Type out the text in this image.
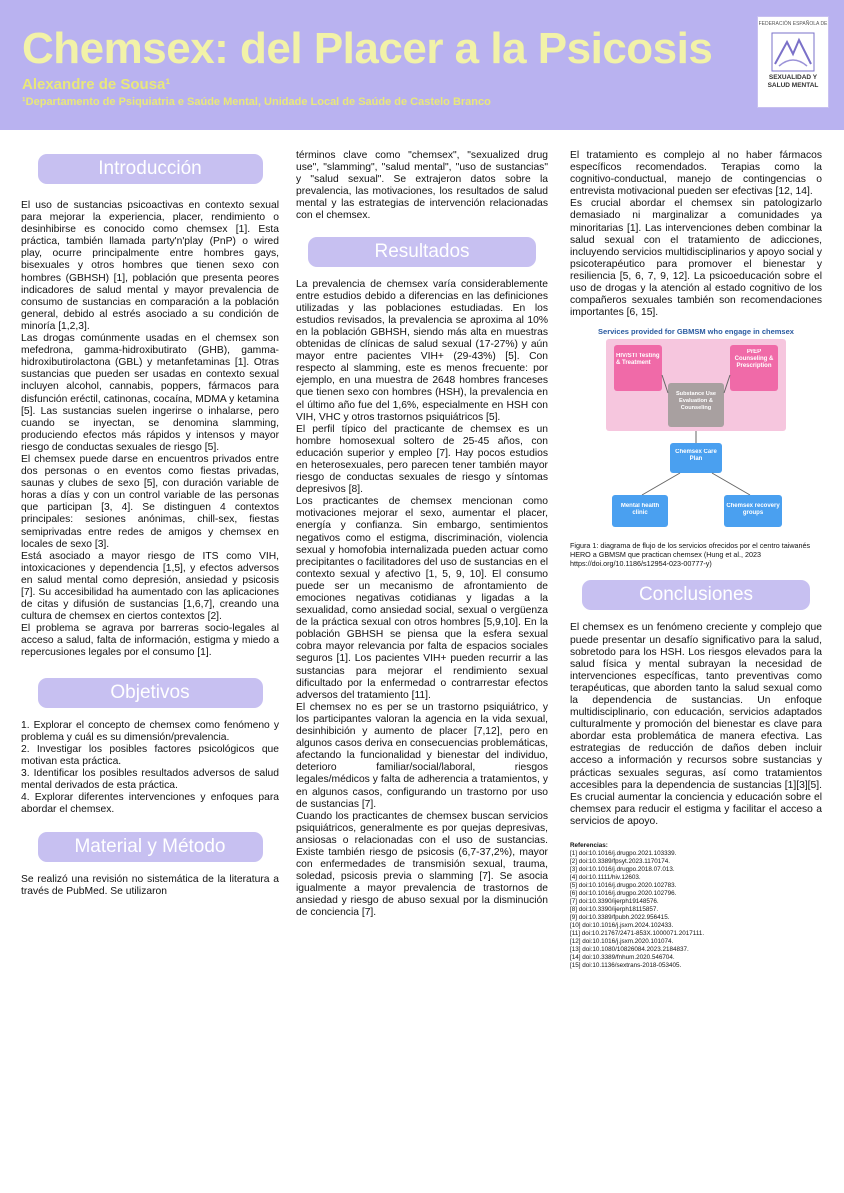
Chemsex: del Placer a la Psicosis
Alexandre de Sousa¹
¹Departamento de Psiquiatria e Saúde Mental, Unidade Local de Saúde de Castelo Branco
FEDERACIÓN ESPAÑOLA DE
SEXUALIDAD Y
SALUD MENTAL
Introducción

El uso de sustancias psicoactivas en contexto sexual para mejorar la experiencia, placer, rendimiento o desinhibirse es conocido como chemsex [1]. Esta práctica, también llamada party'n'play (PnP) o wired play, ocurre principalmente entre hombres gays, bisexuales y otros hombres que tienen sexo con hombres (GBHSH) [1], población que presenta peores indicadores de salud mental y mayor prevalencia de consumo de sustancias en comparación a la población general, debido al estrés asociado a su condición de minoría [1,2,3].

Las drogas comúnmente usadas en el chemsex son mefedrona, gamma-hidroxibutirato (GHB), gamma-hidroxibutirolactona (GBL) y metanfetaminas [1]. Otras sustancias que pueden ser usadas en contexto sexual incluyen alcohol, cannabis, poppers, fármacos para disfunción eréctil, catinonas, cocaína, MDMA y ketamina [5]. Las sustancias suelen ingerirse o inhalarse, pero cuando se inyectan, se denomina slamming, produciendo efectos más rápidos y intensos y mayor riesgo de conductas sexuales de riesgo [5].

El chemsex puede darse en encuentros privados entre dos personas o en eventos como fiestas privadas, saunas y clubes de sexo [5], con duración variable de horas a días y con un control variable de las personas que participan [3, 4]. Se distinguen 4 contextos principales: sesiones anónimas, chill-sex, fiestas semiprivadas entre redes de amigos y chemsex en locales de sexo [3].

Está asociado a mayor riesgo de ITS como VIH, intoxicaciones y dependencia [1,5], y efectos adversos en salud mental como depresión, ansiedad y psicosis [7]. Su accesibilidad ha aumentado con las aplicaciones de citas y difusión de sustancias [1,6,7], creando una cultura de chemsex en ciertos contextos [2].

El problema se agrava por barreras socio-legales al acceso a salud, falta de información, estigma y miedo a repercusiones legales por el consumo [1].

Objetivos
1. Explorar el concepto de chemsex como fenómeno y problema y cuál es su dimensión/prevalencia.
2. Investigar los posibles factores psicológicos que motivan esta práctica.
3. Identificar los posibles resultados adversos de salud mental derivados de esta práctica.
4. Explorar diferentes intervenciones y enfoques para abordar el chemsex.
Material y Método

Se realizó una revisión no sistemática de la literatura a través de PubMed. Se utilizaron

términos clave como "chemsex", "sexualized drug use", "slamming", "salud mental", "uso de sustancias" y "salud sexual". Se extrajeron datos sobre la prevalencia, las motivaciones, los resultados de salud mental y las estrategias de intervención relacionadas con el chemsex.

Resultados

La prevalencia de chemsex varía considerablemente entre estudios debido a diferencias en las definiciones utilizadas y las poblaciones estudiadas. En los estudios revisados, la prevalencia se aproxima al 10% en la población GBHSH, siendo más alta en muestras obtenidas de clínicas de salud sexual (17-27%) y aún mayor entre pacientes VIH+ (29-43%) [5]. Con respecto al slamming, este es menos frecuente: por ejemplo, en una muestra de 2648 hombres franceses que tienen sexo con hombres (HSH), la prevalencia en el último año fue del 1,6%, especialmente en HSH con VIH, VHC y otros trastornos psiquiátricos [5].

El perfil típico del practicante de chemsex es un hombre homosexual soltero de 25-45 años, con educación superior y empleo [7]. Hay pocos estudios en heterosexuales, pero parecen tener también mayor riesgo de conductas sexuales de riesgo y síntomas depresivos [8].

Los practicantes de chemsex mencionan como motivaciones mejorar el sexo, aumentar el placer, energía y confianza. Sin embargo, sentimientos negativos como el estigma, discriminación, violencia sexual y homofobia internalizada pueden actuar como precipitantes o facilitadores del uso de sustancias en el contexto sexual y afectivo [1, 5, 9, 10]. El consumo puede ser un mecanismo de afrontamiento de emociones negativas cotidianas y ligadas a la sexualidad, como ansiedad social, sexual o vergüenza de la práctica sexual con otros hombres [5,9,10]. En la población GBHSH se piensa que la esfera sexual cobra mayor relevancia por falta de espacios sociales seguros [1]. Los pacientes VIH+ pueden recurrir a las sustancias para mejorar el rendimiento sexual dificultado por la enfermedad o contrarrestar efectos adversos del tratamiento [11].

El chemsex no es per se un trastorno psiquiátrico, y los participantes valoran la agencia en la vida sexual, desinhibición y aumento de placer [7,12], pero en algunos casos deriva en consecuencias problemáticas, afectando la funcionalidad y bienestar del individuo, deterioro familiar/social/laboral, riesgos legales/médicos y falta de adherencia a tratamientos, y en algunos casos, configurando un trastorno por uso de sustancias [7].

Cuando los practicantes de chemsex buscan servicios psiquiátricos, generalmente es por quejas depresivas, ansiosas o relacionadas con el uso de sustancias. Existe también riesgo de psicosis (6,7-37,2%), mayor con enfermedades de transmisión sexual, trauma, soledad, psicosis previa o slamming [7]. Se asocia igualmente a mayor prevalencia de trastornos de ansiedad y riesgo de abuso sexual por la disminución de conciencia [7].

El tratamiento es complejo al no haber fármacos específicos recomendados. Terapias como la cognitivo-conductual, manejo de contingencias o entrevista motivacional pueden ser efectivas [12, 14].

Es crucial abordar el chemsex sin patologizarlo demasiado ni marginalizar a comunidades ya minoritarias [1]. Las intervenciones deben combinar la salud sexual con el tratamiento de adicciones, incluyendo servicios multidisciplinarios y apoyo social y psicoterapéutico para promover el bienestar y resiliencia [5, 6, 7, 9, 12]. La psicoeducación sobre el uso de drogas y la atención al estado cognitivo de los compañeros sexuales también son recomendaciones importantes [6, 15].

Services provided for GBMSM who engage in chemsex
HIV/STI Testing & Treatment
PrEP Counseling & Prescription
Substance Use Evaluation & Counseling
Chemsex Care Plan
Mental health clinic
Chemsex recovery groups
Figura 1: diagrama de flujo de los servicios ofrecidos por el centro taiwanés HERO a GBMSM que practican chemsex (Hung et al., 2023 https://doi.org/10.1186/s12954-023-00777-y)
Conclusiones

El chemsex es un fenómeno creciente y complejo que puede presentar un desafío significativo para la salud, sobretodo para los HSH. Los riesgos elevados para la salud física y mental subrayan la necesidad de intervenciones específicas, tanto preventivas como terapéuticas, que aborden tanto la salud sexual como la dependencia de sustancias. Un enfoque multidisciplinario, con educación, servicios adaptados culturalmente y promoción del bienestar es clave para abordar esta problemática de manera efectiva. Las estrategias de reducción de daños deben incluir acceso a información y recursos sobre sustancias y prácticas sexuales seguras, así como tratamientos accesibles para la dependencia de sustancias [1][3][5]. Es crucial aumentar la conciencia y educación sobre el chemsex para reducir el estigma y facilitar el acceso a servicios de apoyo.

Referencias:
[1] doi:10.1016/j.drugpo.2021.103339.
[2] doi:10.3389/fpsyt.2023.1170174.
[3] doi:10.1016/j.drugpo.2018.07.013.
[4] doi:10.1111/hiv.12603.
[5] doi:10.1016/j.drugpo.2020.102783.
[6] doi:10.1016/j.drugpo.2020.102796.
[7] doi:10.3390/ijerph19148576.
[8] doi:10.3390/ijerph18115857.
[9] doi:10.3389/fpubh.2022.956415.
[10] doi:10.1016/j.jsxm.2024.102433.
[11] doi:10.21767/2471-853X.1000071.2017111.
[12] doi:10.1016/j.jsxm.2020.101074.
[13] doi:10.1080/10826084.2023.2184837.
[14] doi:10.3389/fnhum.2020.546704.
[15] doi:10.1136/sextrans-2018-053405.
